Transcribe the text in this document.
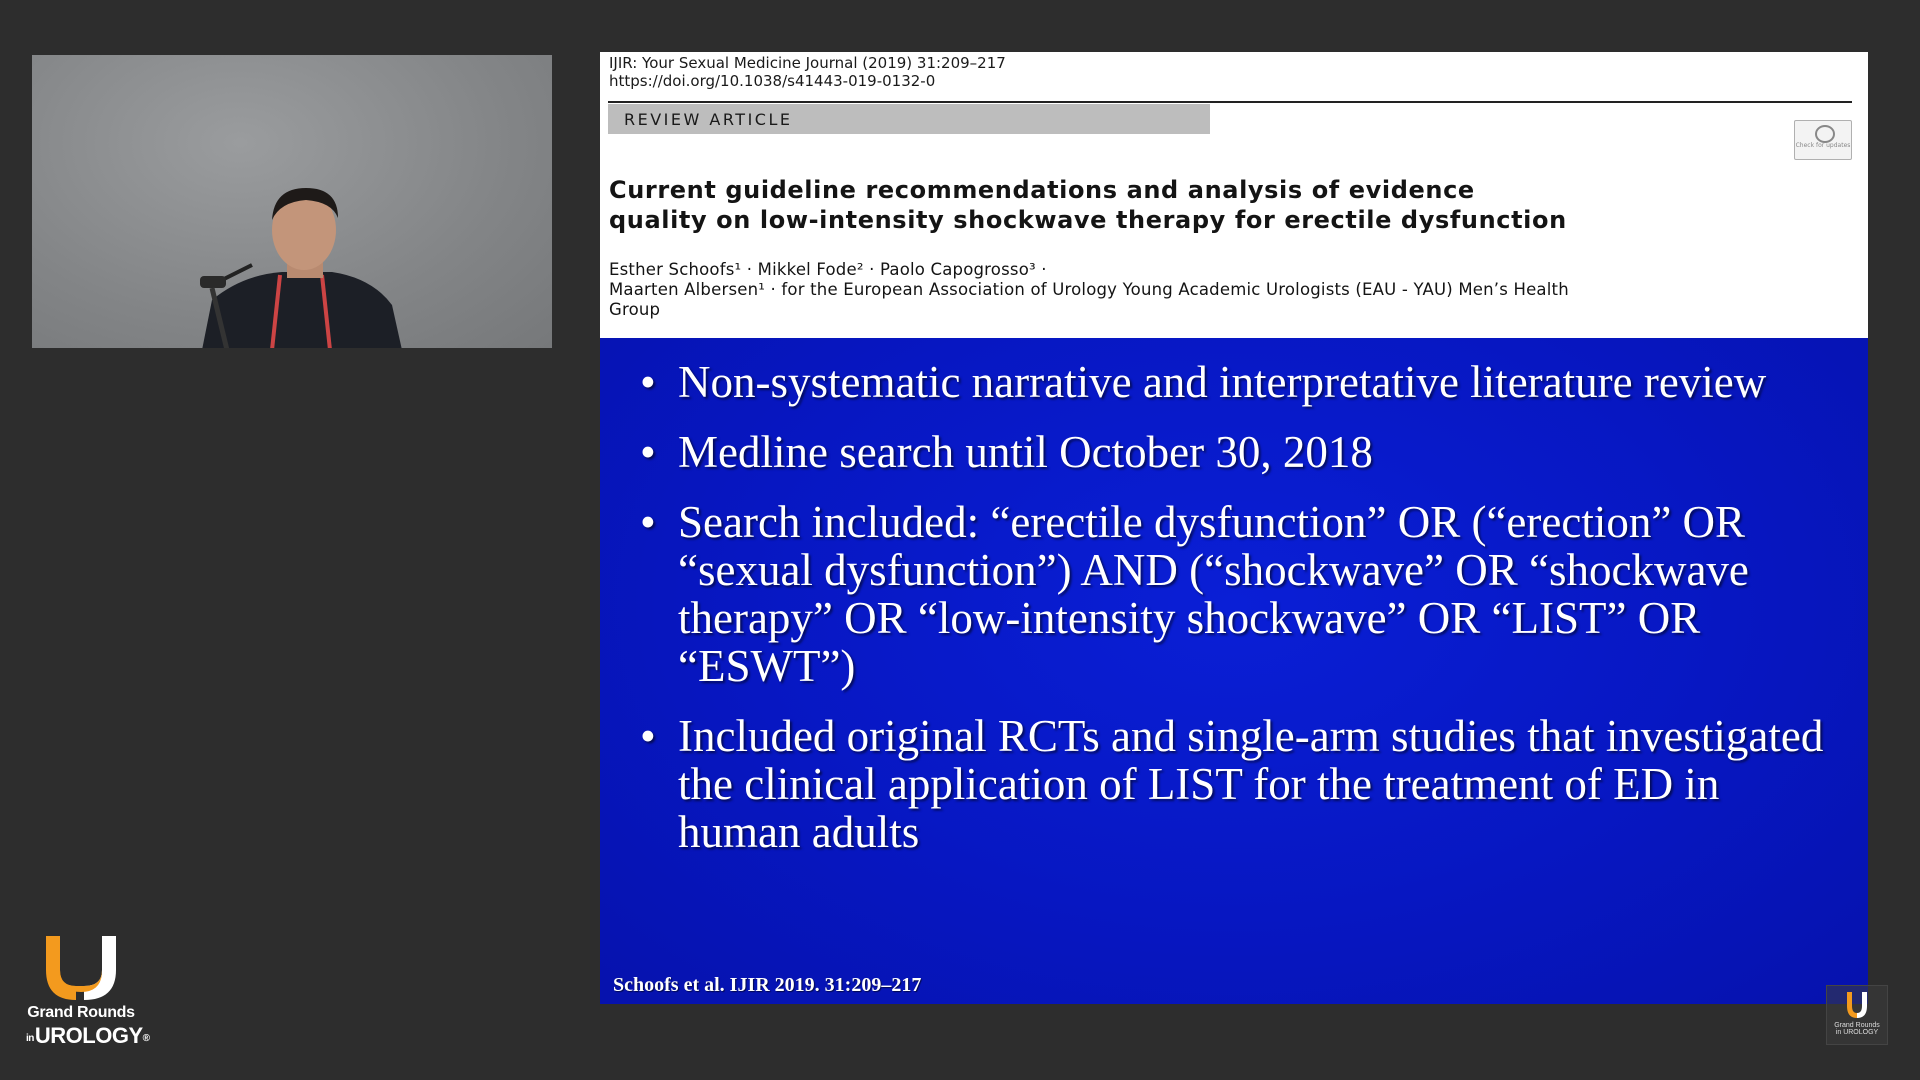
IJIR: Your Sexual Medicine Journal (2019) 31:209–217
https://doi.org/10.1038/s41443-019-0132-0
REVIEW ARTICLE
Check for updates
Current guideline recommendations and analysis of evidence
quality on low-intensity shockwave therapy for erectile dysfunction
Esther Schoofs¹ · Mikkel Fode² · Paolo Capogrosso³ ·
Maarten Albersen¹ · for the European Association of Urology Young Academic Urologists (EAU - YAU) Men’s Health
Group
• Non-systematic narrative and interpretative literature review
• Medline search until October 30, 2018
• Search included: “erectile dysfunction” OR (“erection” OR “sexual dysfunction”) AND (“shockwave” OR “shockwave therapy” OR “low-intensity shockwave” OR “LIST” OR “ESWT”)
• Included original RCTs and single-arm studies that investigated the clinical application of LIST for the treatment of ED in human adults
Schoofs et al. IJIR 2019. 31:209–217
Grand Rounds
inUROLOGY®
Grand Rounds
in UROLOGY
